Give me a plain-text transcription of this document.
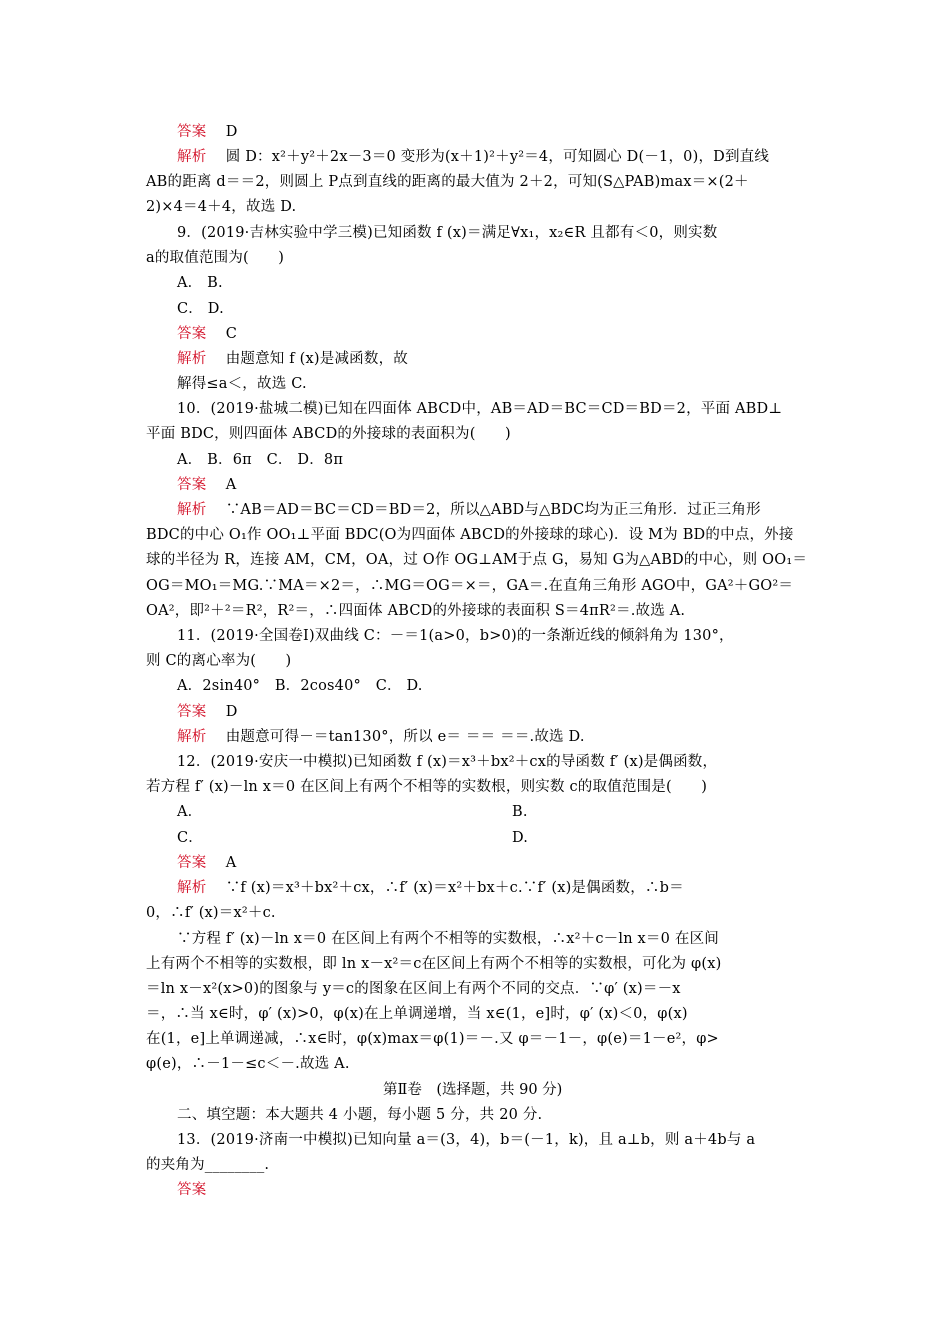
答案 　D
解析 　圆 D：x²＋y²＋2x－3＝0 变形为(x＋1)²＋y²＝4，可知圆心 D(－1，0)，D到直线
AB的距离 d＝＝2，则圆上 P点到直线的距离的最大值为 2＋2，可知(S△PAB)max＝×(2＋
2)×4＝4＋4，故选 D.
9．(2019·吉林实验中学三模)已知函数 f (x)＝满足∀x₁，x₂∈R 且都有＜0，则实数
a的取值范围为(　　)
A． B.
C． D.
答案 　C
解析 　由题意知 f (x)是减函数，故
解得≤a＜，故选 C.
10．(2019·盐城二模)已知在四面体 ABCD中，AB＝AD＝BC＝CD＝BD＝2，平面 ABD⊥
平面 BDC，则四面体 ABCD的外接球的表面积为(　　)
A． B．6π　C． D．8π
答案 　A
解析 　∵AB＝AD＝BC＝CD＝BD＝2，所以△ABD与△BDC均为正三角形．过正三角形
BDC的中心 O₁作 OO₁⊥平面 BDC(O为四面体 ABCD的外接球的球心)．设 M为 BD的中点，外接
球的半径为 R，连接 AM，CM，OA，过 O作 OG⊥AM于点 G，易知 G为△ABD的中心，则 OO₁＝
OG＝MO₁＝MG.∵MA＝×2＝，∴MG＝OG＝×＝，GA＝.在直角三角形 AGO中，GA²＋GO²＝
OA²，即²＋²＝R²，R²＝，∴四面体 ABCD的外接球的表面积 S＝4πR²＝.故选 A.
11．(2019·全国卷Ⅰ)双曲线 C：－＝1(a>0，b>0)的一条渐近线的倾斜角为 130°，
则 C的离心率为(　　)
A．2sin40°　B．2cos40°　C． D.
答案 　D
解析 　由题意可得－＝tan130°，所以 e＝ ＝＝ ＝＝.故选 D.
12．(2019·安庆一中模拟)已知函数 f (x)＝x³＋bx²＋cx的导函数 f′ (x)是偶函数，
若方程 f′ (x)－ln x＝0 在区间上有两个不相等的实数根，则实数 c的取值范围是(　　)
A．	B.
C．	D.
答案 　A
解析 　∵f (x)＝x³＋bx²＋cx，∴f′ (x)＝x²＋bx＋c.∵f′ (x)是偶函数，∴b＝
0，∴f′ (x)＝x²＋c.
∵方程 f′ (x)－ln x＝0 在区间上有两个不相等的实数根，∴x²＋c－ln x＝0 在区间
上有两个不相等的实数根，即 ln x－x²＝c在区间上有两个不相等的实数根，可化为 φ(x)
＝ln x－x²(x>0)的图象与 y＝c的图象在区间上有两个不同的交点．∵φ′ (x)＝－x
＝，∴当 x∈时，φ′ (x)>0，φ(x)在上单调递增，当 x∈(1，e]时，φ′ (x)＜0，φ(x)
在(1，e]上单调递减，∴x∈时，φ(x)max＝φ(1)＝－.又 φ＝－1－，φ(e)＝1－e²，φ>
φ(e)，∴－1－≤c＜－.故选 A.
第Ⅱ卷　(选择题，共 90 分)
二、填空题：本大题共 4 小题，每小题 5 分，共 20 分.
13．(2019·济南一中模拟)已知向量 a＝(3，4)，b＝(－1，k)，且 a⊥b，则 a＋4b与 a
的夹角为________.
答案
